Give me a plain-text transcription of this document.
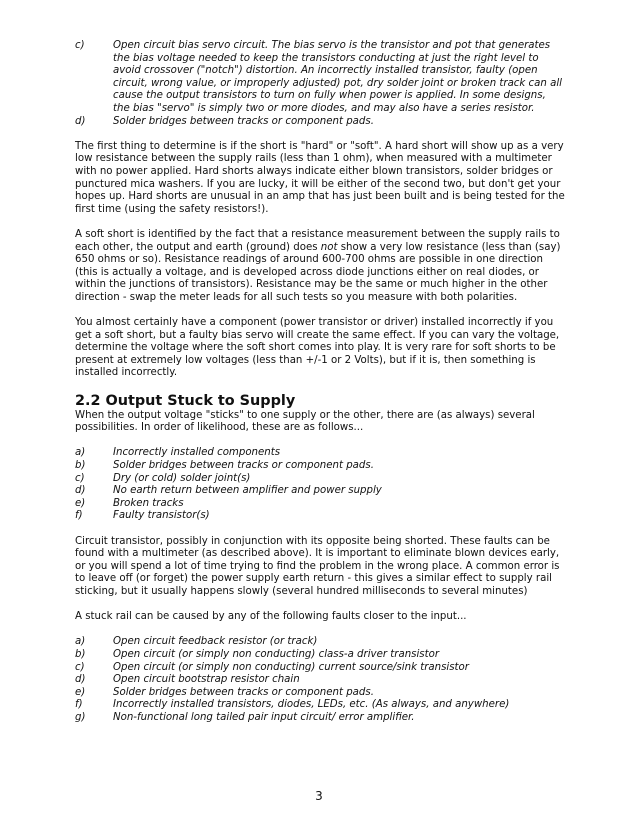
c)	Open circuit bias servo circuit. The bias servo is the transistor and pot that generates the bias voltage needed to keep the transistors conducting at just the right level to avoid crossover ("notch") distortion. An incorrectly installed transistor, faulty (open circuit, wrong value, or improperly adjusted) pot, dry solder joint or broken track can all cause the output transistors to turn on fully when power is applied. In some designs, the bias "servo" is simply two or more diodes, and may also have a series resistor.
d)	Solder bridges between tracks or component pads.

The first thing to determine is if the short is "hard" or "soft". A hard short will show up as a very low resistance between the supply rails (less than 1 ohm), when measured with a multimeter with no power applied. Hard shorts always indicate either blown transistors, solder bridges or punctured mica washers. If you are lucky, it will be either of the second two, but don't get your hopes up. Hard shorts are unusual in an amp that has just been built and is being tested for the first time (using the safety resistors!).

A soft short is identified by the fact that a resistance measurement between the supply rails to each other, the output and earth (ground) does not show a very low resistance (less than (say) 650 ohms or so). Resistance readings of around 600-700 ohms are possible in one direction (this is actually a voltage, and is developed across diode junctions either on real diodes, or within the junctions of transistors). Resistance may be the same or much higher in the other direction - swap the meter leads for all such tests so you measure with both polarities.

You almost certainly have a component (power transistor or driver) installed incorrectly if you get a soft short, but a faulty bias servo will create the same effect. If you can vary the voltage, determine the voltage where the soft short comes into play. It is very rare for soft shorts to be present at extremely low voltages (less than +/-1 or 2 Volts), but if it is, then something is installed incorrectly.

2.2 Output Stuck to Supply

When the output voltage "sticks" to one supply or the other, there are (as always) several possibilities. In order of likelihood, these are as follows...

a)	Incorrectly installed components
b)	Solder bridges between tracks or component pads.
c)	Dry (or cold) solder joint(s)
d)	No earth return between amplifier and power supply
e)	Broken tracks
f)	Faulty transistor(s)

Circuit transistor, possibly in conjunction with its opposite being shorted. These faults can be found with a multimeter (as described above). It is important to eliminate blown devices early, or you will spend a lot of time trying to find the problem in the wrong place. A common error is to leave off (or forget) the power supply earth return - this gives a similar effect to supply rail sticking, but it usually happens slowly (several hundred milliseconds to several minutes)

A stuck rail can be caused by any of the following faults closer to the input...

a)	Open circuit feedback resistor (or track)
b)	Open circuit (or simply non conducting) class-a driver transistor
c)	Open circuit (or simply non conducting) current source/sink transistor
d)	Open circuit bootstrap resistor chain
e)	Solder bridges between tracks or component pads.
f)	Incorrectly installed transistors, diodes, LEDs, etc. (As always, and anywhere)
g)	Non-functional long tailed pair input circuit/ error amplifier.
3
